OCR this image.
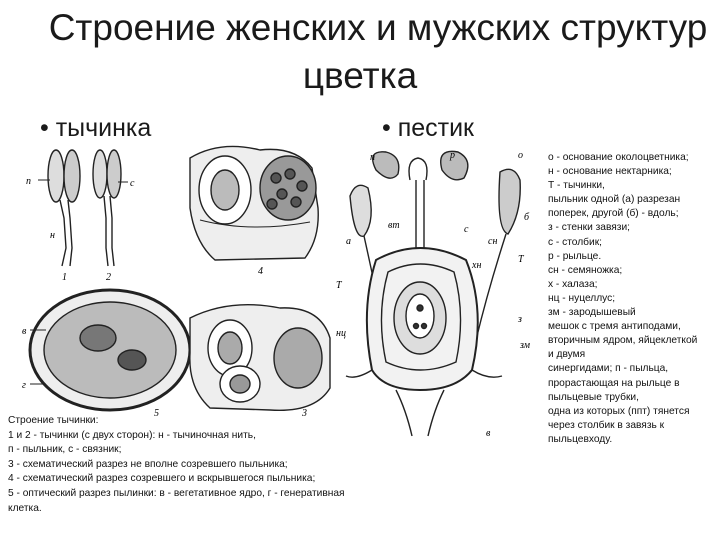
Строение женских и мужских структур
цветка
• тычинка	• пестик
п	с
н
1	2
4
в
г
5	3
п	р	о
б
а
вт	с
сн
хн
Т
Т
нц
з
зм
в
Строение тычинки:
1 и 2 - тычинки (с двух сторон): н - тычиночная нить,
п - пыльник, с - связник;
3 - схематический разрез не вполне созревшего пыльника;
4 - схематический разрез созревшего и вскрывшегося пыльника;
5 - оптический разрез пылинки: в - вегетативное ядро, г - генеративная
клетка.
о - основание околоцветника;
н - основание нектарника;
Т - тычинки,
пыльник одной (а) разрезан
поперек, другой (б) - вдоль;
з - стенки завязи;
с - столбик;
р - рыльце.
сн - семяножка;
х - халаза;
нц - нуцеллус;
зм - зародышевый
мешок с тремя антиподами,
вторичным ядром, яйцеклеткой
и двумя
синергидами; п - пыльца,
прорастающая на рыльце в
пыльцевые трубки,
одна из которых (ппт) тянется
через столбик в завязь к
пыльцевходу.
